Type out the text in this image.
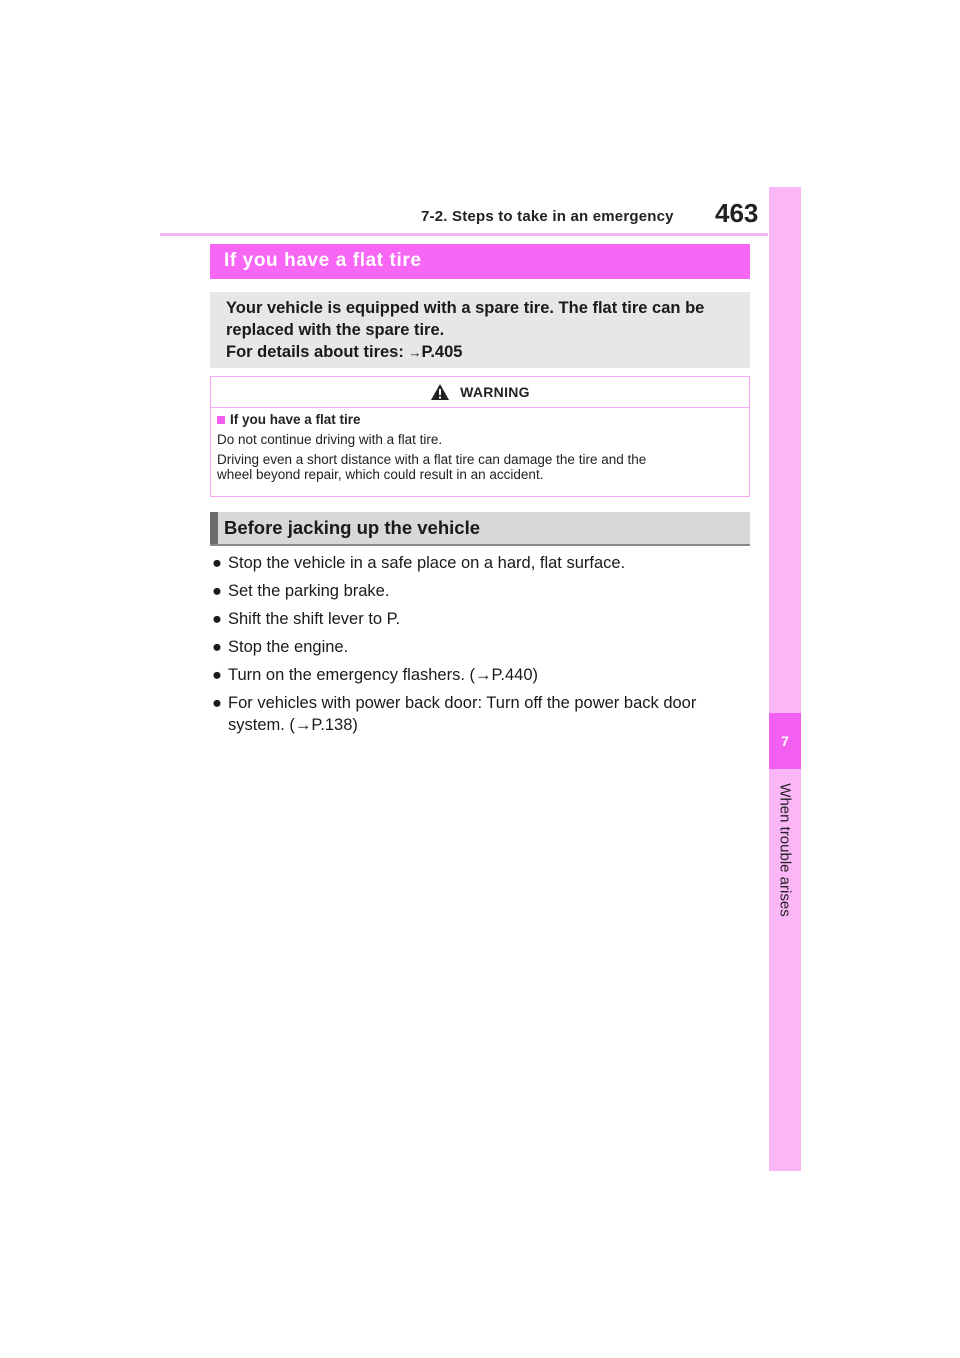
7-2. Steps to take in an emergency 463
7
When trouble arises
If you have a flat tire
Your vehicle is equipped with a spare tire. The flat tire can be
replaced with the spare tire.
For details about tires: →P.405
WARNING
If you have a flat tire

Do not continue driving with a flat tire.

Driving even a short distance with a flat tire can damage the tire and the
wheel beyond repair, which could result in an accident.

Before jacking up the vehicle
● Stop the vehicle in a safe place on a hard, flat surface.
● Set the parking brake.
● Shift the shift lever to P.
● Stop the engine.
● Turn on the emergency flashers. (→P.440)
● For vehicles with power back door: Turn off the power back door
system. (→P.138)
